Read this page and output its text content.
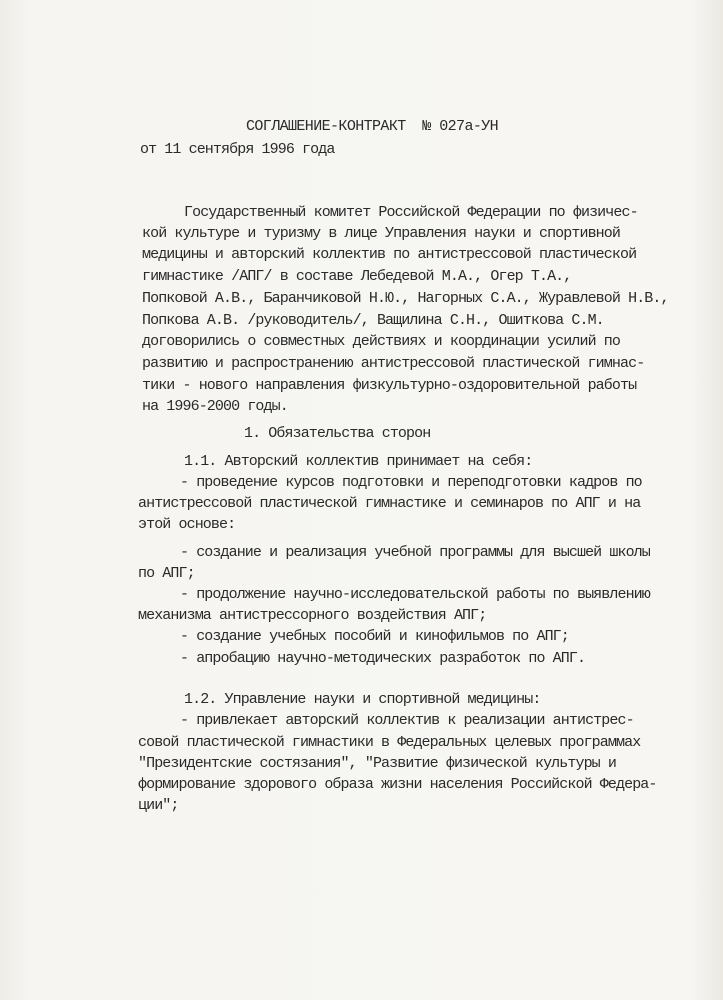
СОГЛАШЕНИЕ-КОНТРАКТ  № 027а-УН
от 11 сентября 1996 года
Государственный комитет Российской Федерации по физичес-
кой культуре и туризму в лице Управления науки и спортивной
медицины и авторский коллектив по антистрессовой пластической
гимнастике /АПГ/ в составе Лебедевой М.А., Огер Т.А.,
Попковой А.В., Баранчиковой Н.Ю., Нагорных С.А., Журавлевой Н.В.,
Попкова А.В. /руководитель/, Ващилина С.Н., Ошиткова С.М.
договорились о совместных действиях и координации усилий по
развитию и распространению антистрессовой пластической гимнас-
тики - нового направления физкультурно-оздоровительной работы
на 1996-2000 годы.
1. Обязательства сторон
1.1. Авторский коллектив принимает на себя:
- проведение курсов подготовки и переподготовки кадров по
антистрессовой пластической гимнастике и семинаров по АПГ и на
этой основе:
- создание и реализация учебной программы для высшей школы
по АПГ;
- продолжение научно-исследовательской работы по выявлению
механизма антистрессорного воздействия АПГ;
- создание учебных пособий и кинофильмов по АПГ;
- апробацию научно-методических разработок по АПГ.
1.2. Управление науки и спортивной медицины:
- привлекает авторский коллектив к реализации антистрес-
совой пластической гимнастики в Федеральных целевых программах
"Президентские состязания", "Развитие физической культуры и
формирование здорового образа жизни населения Российской Федера-
ции";
